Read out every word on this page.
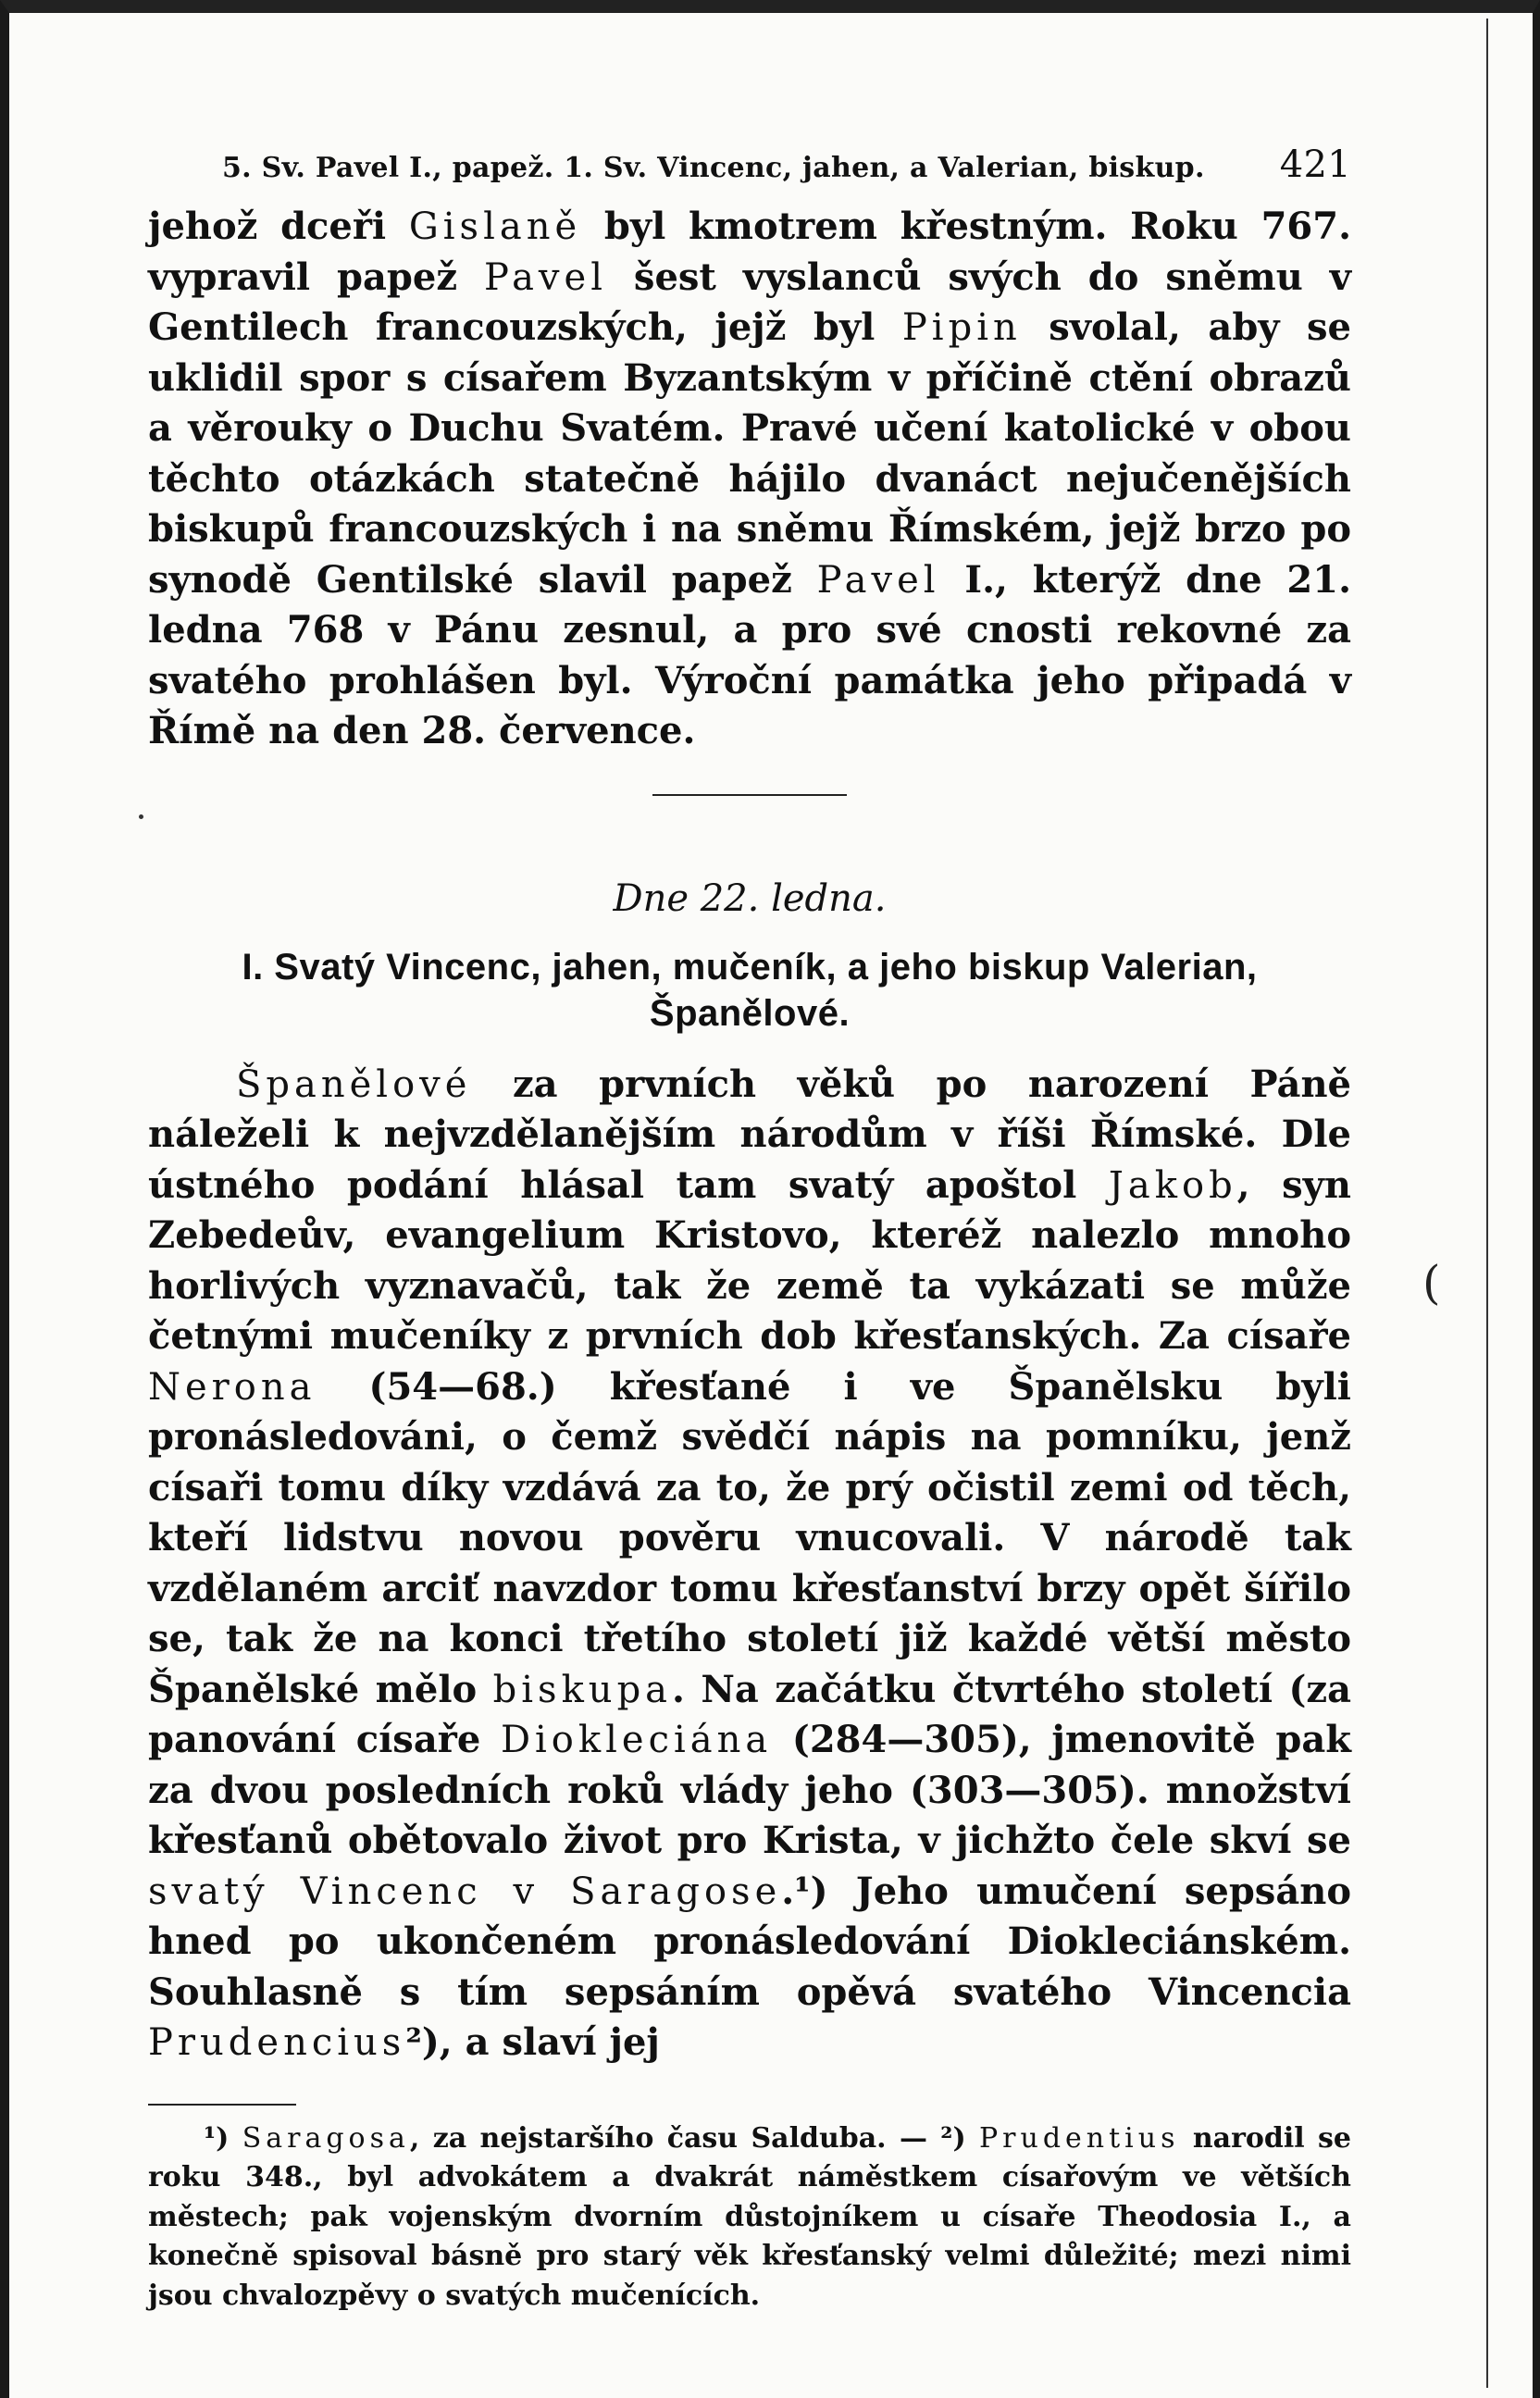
5. Sv. Pavel I., papež. 1. Sv. Vincenc, jahen, a Valerian, biskup. 421

jehož dceři Gislaně byl kmotrem křestným. Roku 767. vypravil papež Pavel šest vyslanců svých do sněmu v Gentilech francouzských, jejž byl Pipin svolal, aby se uklidil spor s císařem Byzantským v příčině ctění obrazů a věrouky o Duchu Svatém. Pravé učení katolické v obou těchto otázkách statečně hájilo dvanáct nejučenějších biskupů francouzských i na sněmu Římském, jejž brzo po synodě Gentilské slavil papež Pavel I., kterýž dne 21. ledna 768 v Pánu zesnul, a pro své cnosti rekovné za svatého prohlášen byl. Výroční památka jeho připadá v Římě na den 28. července.

Dne 22. ledna.
I. Svatý Vincenc, jahen, mučeník, a jeho biskup Valerian,
Španělové.

Španělové za prvních věků po narození Páně náleželi k nejvzdělanějším národům v říši Římské. Dle ústného podání hlásal tam svatý apoštol Jakob, syn Zebedeův, evangelium Kristovo, kteréž nalezlo mnoho horlivých vyznavačů, tak že země ta vykázati se může četnými mučeníky z prvních dob křesťanských. Za císaře Nerona (54—68.) křesťané i ve Španělsku byli pronásledováni, o čemž svědčí nápis na pomníku, jenž císaři tomu díky vzdává za to, že prý očistil zemi od těch, kteří lidstvu novou pověru vnucovali. V národě tak vzdělaném arciť navzdor tomu křesťanství brzy opět šířilo se, tak že na konci třetího století již každé větší město Španělské mělo biskupa. Na začátku čtvrtého století (za panování císaře Diokleciána (284—305), jmenovitě pak za dvou posledních roků vlády jeho (303—305). množství křesťanů obětovalo život pro Krista, v jichžto čele skví se svatý Vincenc v Saragose.¹) Jeho umučení sepsáno hned po ukončeném pronásledování Diokleciánském. Souhlasně s tím sepsáním opěvá svatého Vincencia Prudencius²), a slaví jej

¹) Saragosa, za nejstaršího času Salduba. — ²) Prudentius narodil se roku 348., byl advokátem a dvakrát náměstkem císařovým ve větších městech; pak vojenským dvorním důstojníkem u císaře Theodosia I., a konečně spisoval básně pro starý věk křesťanský velmi důležité; mezi nimi jsou chvalozpěvy o svatých mučenících.

(
